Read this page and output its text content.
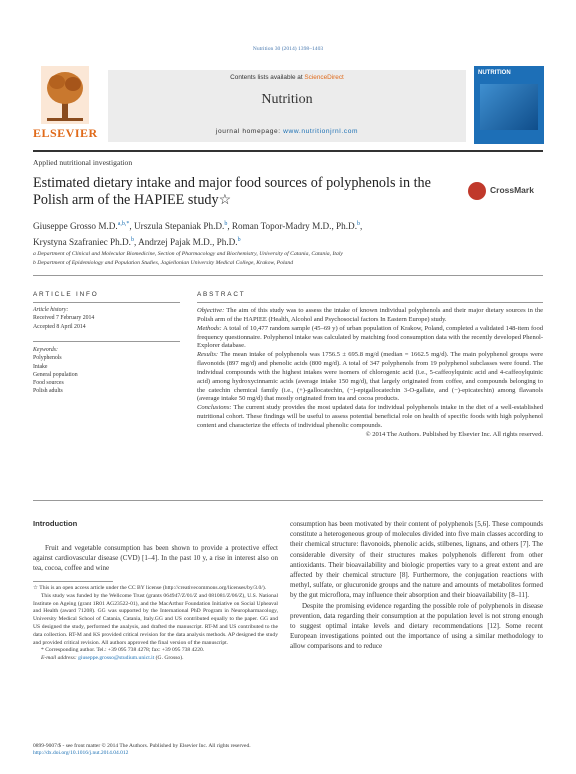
Nutrition 30 (2014) 1398–1403
ELSEVIER
Contents lists available at ScienceDirect
Nutrition
journal homepage: www.nutritionjrnl.com
NUTRITION
Applied nutritional investigation
Estimated dietary intake and major food sources of polyphenols in the Polish arm of the HAPIEE study☆
CrossMark
Giuseppe Grosso M.D.$^{a,b,*}$, Urszula Stepaniak Ph.D.$^b$, Roman Topor-Madry M.D., Ph.D.$^b$,
Krystyna Szafraniec Ph.D.$^b$, Andrzej Pajak M.D., Ph.D.$^b$
a Department of Clinical and Molecular Biomedicine, Section of Pharmacology and Biochemistry, University of Catania, Catania, Italy
b Department of Epidemiology and Population Studies, Jagiellonian University Medical College, Krakow, Poland
ARTICLE INFO	ABSTRACT
Article history:
Received 7 February 2014
Accepted 8 April 2014
Keywords:
Polyphenols
Intake
General population
Food sources
Polish adults

Objective: The aim of this study was to assess the intake of known individual polyphenols and their major dietary sources in the Polish arm of the HAPIEE (Health, Alcohol and Psychosocial factors In Eastern Europe) study.

Methods: A total of 10,477 random sample (45–69 y) of urban population of Krakow, Poland, completed a validated 148-item food frequency questionnaire. Polyphenol intake was calculated by matching food consumption data with the recently developed Phenol-Explorer database.

Results: The mean intake of polyphenols was 1756.5 ± 695.8 mg/d (median = 1662.5 mg/d). The main polyphenol groups were flavonoids (897 mg/d) and phenolic acids (800 mg/d). A total of 347 polyphenols from 19 polyphenol subclasses were found. The individual compounds with the highest intakes were isomers of chlorogenic acid (i.e., 5-caffeoylquinic acid and 4-caffeoylquinic acid) among hydroxycinnamic acids (average intake 150 mg/d), that largely originated from coffee, and compounds belonging to the catechin chemical family (i.e., (+)-gallocatechin, (−)-epigallocatechin 3-O-gallate, and (−)-epicatechin) among flavanols (average intake 50 mg/d) that mostly originated from tea and cocoa products.

Conclusions: The current study provides the most updated data for individual polyphenols intake in the diet of a well-established nutritional cohort. These findings will be useful to assess potential beneficial role on health of specific foods with high polyphenol content and characterize the effects of individual phenolic compounds.

© 2014 The Authors. Published by Elsevier Inc. All rights reserved.

Introduction

Fruit and vegetable consumption has been shown to provide a protective effect against cardiovascular disease (CVD) [1–4]. In the past 10 y, a rise in interest also on tea, cocoa, coffee and wine

☆ This is an open access article under the CC BY license (http://creativecommons.org/licenses/by/3.0/).

This study was funded by the Wellcome Trust (grants 064947/Z/01/Z and 081081/Z/06/Z), U.S. National Institute on Ageing (grant 1R01 AG23522-01), and the MacArthur Foundation Initiative on Social Upheaval and Health (award 71208). GG was supported by the International PhD Program in Neuropharmacology, University Medical School of Catania, Catania, Italy.GG and US contributed equally to the paper. GG and US designed the study, performed the analysis, and drafted the manuscript. RT-M and US contributed to the data collection. RT-M and KS provided critical revision for the data analysis methods. AP designed the study and provided critical revision. All authors approved the final version of the manuscript.

* Corresponding author. Tel.: +39 095 738 4278; fax: +39 095 738 4220.

E-mail address: giuseppe.grosso@studium.unict.it (G. Grosso).

consumption has been motivated by their content of polyphenols [5,6]. These compounds constitute a heterogeneous group of molecules divided into five main classes according to their chemical structure: flavonoids, phenolic acids, stilbenes, lignans, and others [7]. The considerable diversity of their structures makes polyphenols different from other antioxidants. Their bioavailability and biologic properties vary to a great extent and are affected by their chemical structure [8]. Furthermore, the conjugation reactions with methyl, sulfate, or glucuronide groups and the nature and amounts of metabolites formed by the gut microflora, may influence their absorption and their bioavailability [8–11].

Despite the promising evidence regarding the possible role of polyphenols in disease prevention, data regarding their consumption at the population level is not strong enough to suggest optimal intake levels and dietary recommendations [12]. Some recent European investigations pointed out the importance of using a similar methodology to allow comparisons and to reduce

0899-9007/$ - see front matter © 2014 The Authors. Published by Elsevier Inc. All rights reserved.
http://dx.doi.org/10.1016/j.nut.2014.04.012
